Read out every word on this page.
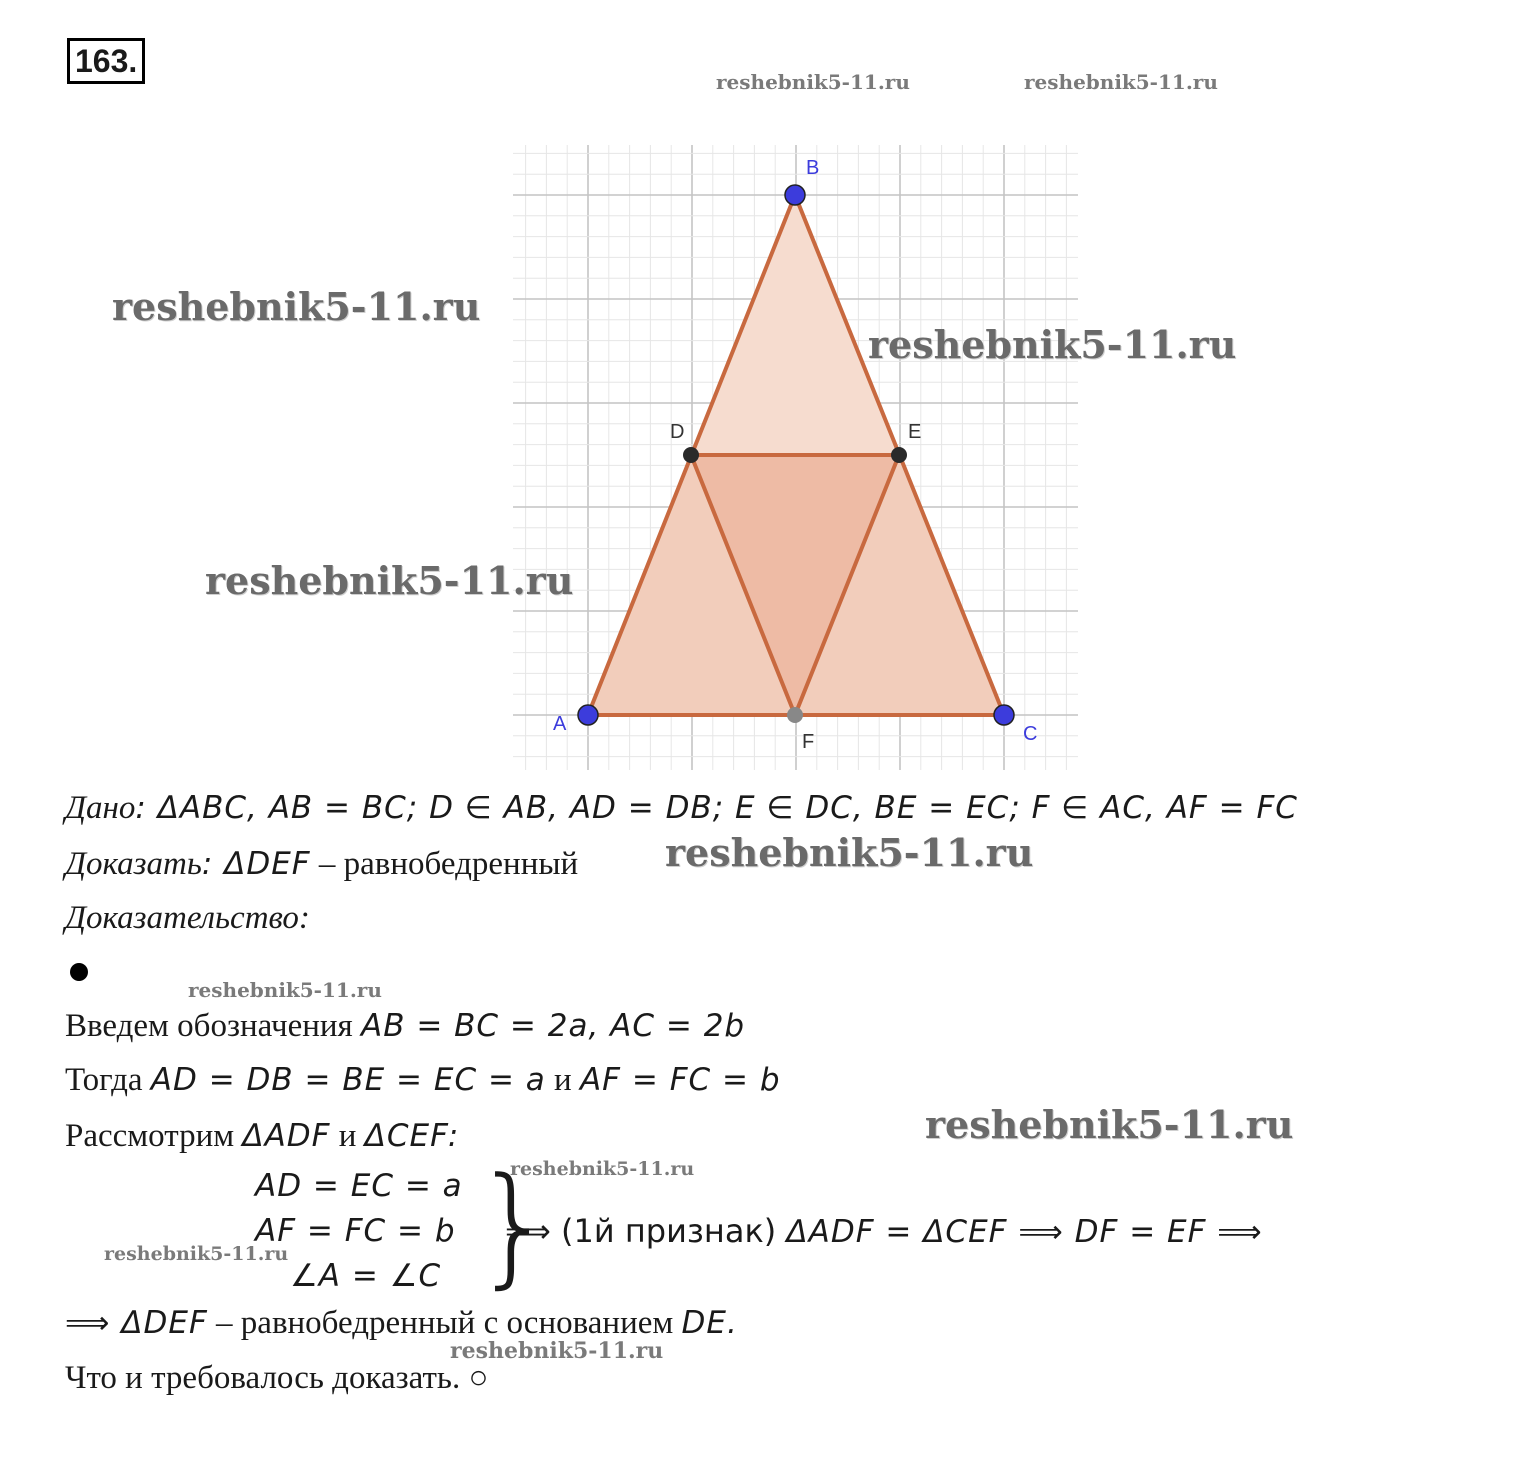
163.
reshebnik5-11.ru	reshebnik5-11.ru
B
A	C
D	E
F
reshebnik5-11.ru
reshebnik5-11.ru
reshebnik5-11.ru
Дано: ΔABC, AB = BC; D ∈ AB, AD = DB; E ∈ DC, BE = EC; F ∈ AC, AF = FC
Доказать: ΔDEF – равнобедренный reshebnik5-11.ru
Доказательство:
reshebnik5-11.ru
Введем обозначения AB = BC = 2a, AC = 2b
Тогда AD = DB = BE = EC = a и AF = FC = b
Рассмотрим ΔADF и ΔCEF:	reshebnik5-11.ru
AD = EC = a
AF = FC = b
∠A = ∠C
reshebnik5-11.ru
reshebnik5-11.ru }
⟹ (1й признак) ΔADF = ΔCEF ⟹ DF = EF ⟹
⟹ ΔDEF – равнобедренный с основанием DE.
reshebnik5-11.ru
Что и требовалось доказать. ○
